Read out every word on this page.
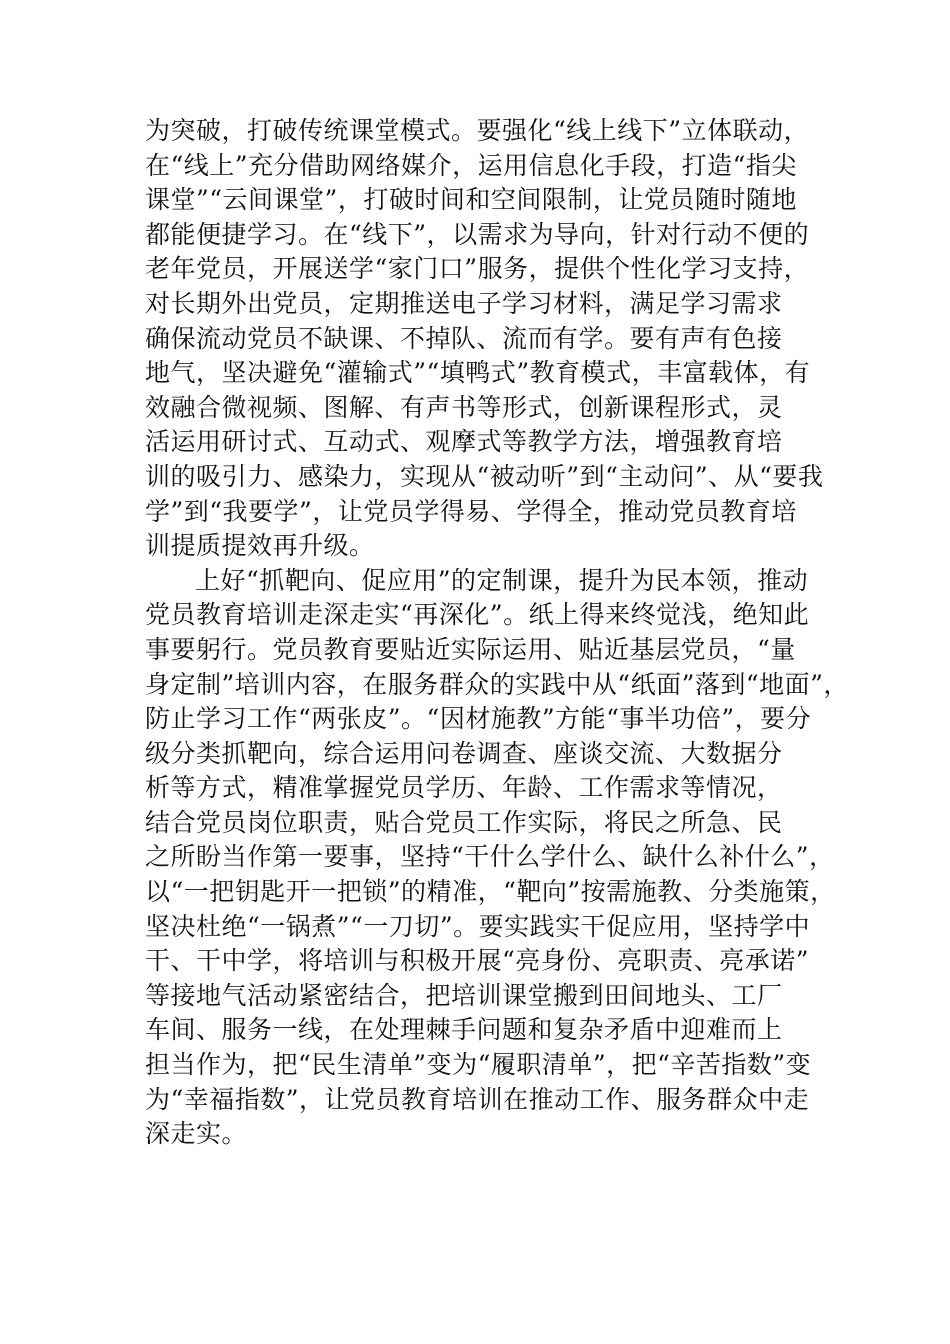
为突破，打破传统课堂模式。要强化“线上线下”立体联动，
在“线上”充分借助网络媒介，运用信息化手段，打造“指尖
课堂”“云间课堂”，打破时间和空间限制，让党员随时随地
都能便捷学习。在“线下”，以需求为导向，针对行动不便的
老年党员，开展送学“家门口”服务，提供个性化学习支持，
对长期外出党员，定期推送电子学习材料，满足学习需求
确保流动党员不缺课、不掉队、流而有学。要有声有色接
地气，坚决避免“灌输式”“填鸭式”教育模式，丰富载体，有
效融合微视频、图解、有声书等形式，创新课程形式，灵
活运用研讨式、互动式、观摩式等教学方法，增强教育培
训的吸引力、感染力，实现从“被动听”到“主动问”、从“要我
学”到“我要学”，让党员学得易、学得全，推动党员教育培
训提质提效再升级。
上好“抓靶向、促应用”的定制课，提升为民本领，推动
党员教育培训走深走实“再深化”。纸上得来终觉浅，绝知此
事要躬行。党员教育要贴近实际运用、贴近基层党员，“量
身定制”培训内容，在服务群众的实践中从“纸面”落到“地面”，
防止学习工作“两张皮”。“因材施教”方能“事半功倍”，要分
级分类抓靶向，综合运用问卷调查、座谈交流、大数据分
析等方式，精准掌握党员学历、年龄、工作需求等情况，
结合党员岗位职责，贴合党员工作实际，将民之所急、民
之所盼当作第一要事，坚持“干什么学什么、缺什么补什么”，
以“一把钥匙开一把锁”的精准，“靶向”按需施教、分类施策，
坚决杜绝“一锅煮”“一刀切”。要实践实干促应用，坚持学中
干、干中学，将培训与积极开展“亮身份、亮职责、亮承诺”
等接地气活动紧密结合，把培训课堂搬到田间地头、工厂
车间、服务一线，在处理棘手问题和复杂矛盾中迎难而上
担当作为，把“民生清单”变为“履职清单”，把“辛苦指数”变
为“幸福指数”，让党员教育培训在推动工作、服务群众中走
深走实。
